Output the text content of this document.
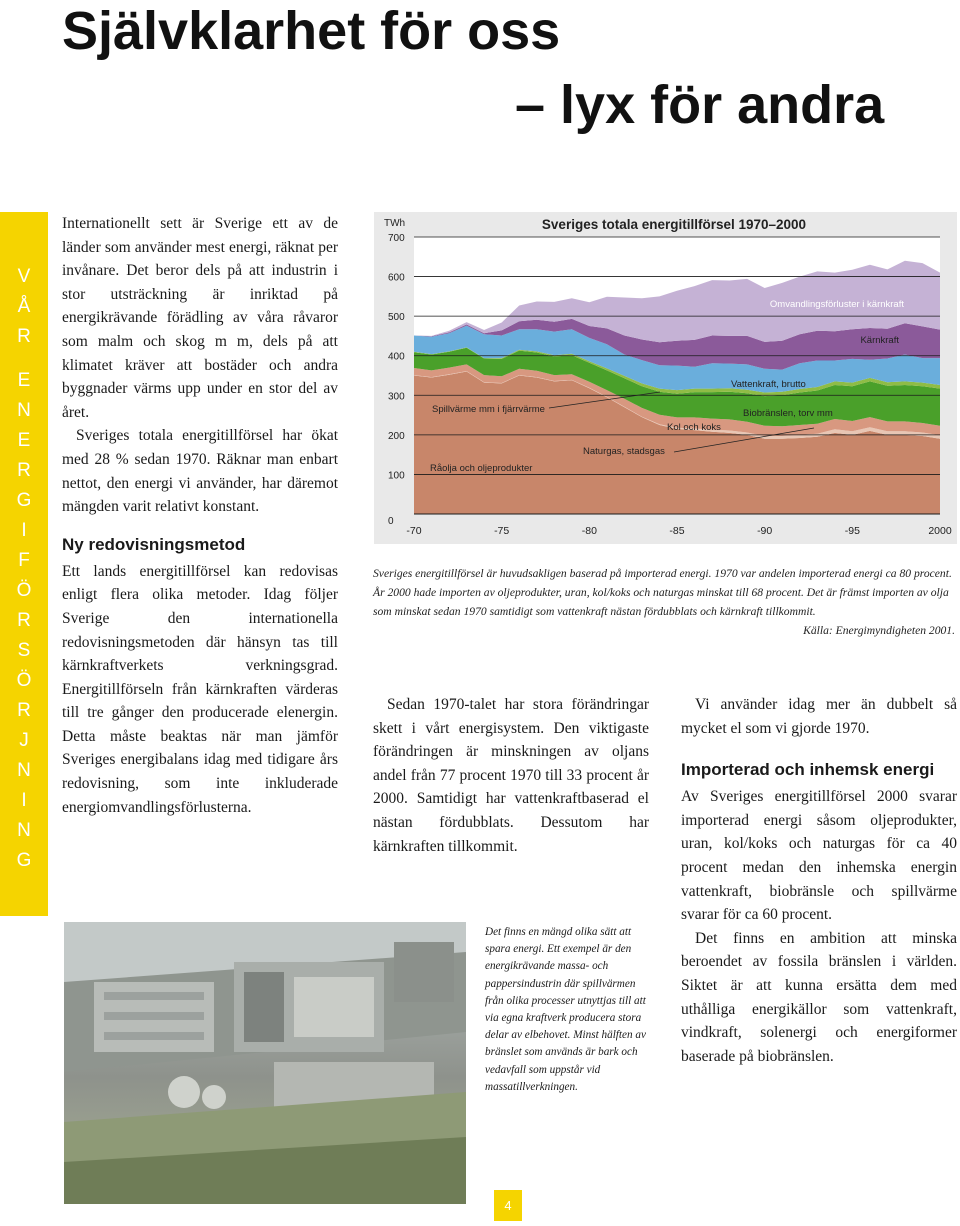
Självklarhet för oss
– lyx för andra
V
Å
R
E
N
E
R
G
I
F
Ö
R
S
Ö
R
J
N
I
N
G

Internationellt sett är Sverige ett av de länder som använder mest energi, räknat per invånare. Det beror dels på att industrin i stor utsträckning är inriktad på energikrävande förädling av våra råvaror som malm och skog m m, dels på att klimatet kräver att bostäder och andra byggnader värms upp under en stor del av året.

Sveriges totala energitillförsel har ökat med 28 % sedan 1970. Räknar man enbart nettot, den energi vi använder, har däremot mängden varit relativt konstant.

Ny redovisningsmetod

Ett lands energitillförsel kan redovisas enligt flera olika metoder. Idag följer Sverige den internationella redovisningsmetoden där hänsyn tas till kärnkraftverkets verkningsgrad. Energitillförseln från kärnkraften värderas till tre gånger den producerade elenergin. Detta måste beaktas när man jämför Sveriges energibalans idag med tidigare års redovisning, som inte inkluderade energiomvandlingsförlusterna.

0
100
200
300
400
500
600
700
TWh
-70	-75	-80	-85	-90	-95	2000
Sveriges totala energitillförsel 1970–2000
Råolja och oljeprodukter
Naturgas, stadsgas
Kol och koks
Biobränslen, torv mm
Spillvärme mm i fjärrvärme
Vattenkraft, brutto
Kärnkraft
Omvandlingsförluster i kärnkraft
Sveriges energitillförsel är huvudsakligen baserad på importerad energi. 1970 var andelen importerad energi ca 80 procent. År 2000 hade importen av oljeprodukter, uran, kol/koks och naturgas minskat till 68 procent. Det är främst importen av olja som minskat sedan 1970 samtidigt som vattenkraft nästan fördubblats och kärnkraft tillkommit.
Källa: Energimyndigheten 2001.

Sedan 1970-talet har stora förändringar skett i vårt energisystem. Den viktigaste förändringen är minskningen av oljans andel från 77 procent 1970 till 33 procent år 2000. Samtidigt har vattenkraftbaserad el nästan fördubblats. Dessutom har kärnkraften tillkommit.

Vi använder idag mer än dubbelt så mycket el som vi gjorde 1970.

Importerad och inhemsk energi

Av Sveriges energitillförsel 2000 svarar importerad energi såsom oljeprodukter, uran, kol/koks och naturgas för ca 40 procent medan den inhemska energin vattenkraft, biobränsle och spillvärme svarar för ca 60 procent.

Det finns en ambition att minska beroendet av fossila bränslen i världen. Siktet är att kunna ersätta dem med uthålliga energikällor som vattenkraft, vindkraft, solenergi och energiformer baserade på biobränslen.

Det finns en mängd olika sätt att spara energi. Ett exempel är den energikrävande massa- och pappersindustrin där spillvärmen från olika processer utnyttjas till att via egna kraftverk producera stora delar av elbehovet. Minst hälften av bränslet som används är bark och vedavfall som uppstår vid massatillverkningen.
4
